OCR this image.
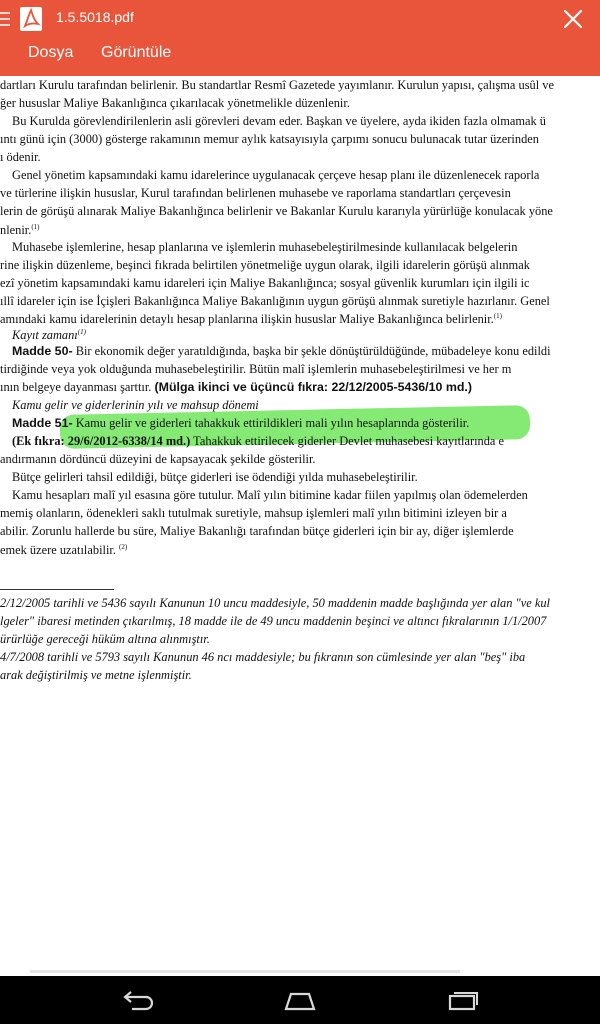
1.5.5018.pdf
Dosya Görüntüle
dartları Kurulu tarafından belirlenir. Bu standartlar Resmî Gazetede yayımlanır. Kurulun yapısı, çalışma usûl ve
ğer hususlar Maliye Bakanlığınca çıkarılacak yönetmelikle düzenlenir.
Bu Kurulda görevlendirilenlerin asli görevleri devam eder. Başkan ve üyelere, ayda ikiden fazla olmamak ü
ıntı günü için (3000) gösterge rakamının memur aylık katsayısıyla çarpımı sonucu bulunacak tutar üzerinden
ı ödenir.
Genel yönetim kapsamındaki kamu idarelerince uygulanacak çerçeve hesap planı ile düzenlenecek raporla
ve türlerine ilişkin hususlar, Kurul tarafından belirlenen muhasebe ve raporlama standartları çerçevesin
lerin de görüşü alınarak Maliye Bakanlığınca belirlenir ve Bakanlar Kurulu kararıyla yürürlüğe konulacak yöne
nlenir.$^{(1)}$
Muhasebe işlemlerine, hesap planlarına ve işlemlerin muhasebeleştirilmesinde kullanılacak belgelerin
rine ilişkin düzenleme, beşinci fıkrada belirtilen yönetmeliğe uygun olarak, ilgili idarelerin görüşü alınmak
ezî yönetim kapsamındaki kamu idareleri için Maliye Bakanlığınca; sosyal güvenlik kurumları için ilgili ic
ıllî idareler için ise İçişleri Bakanlığınca Maliye Bakanlığının uygun görüşü alınmak suretiyle hazırlanır. Genel
amındaki kamu idarelerinin detaylı hesap planlarına ilişkin hususlar Maliye Bakanlığınca belirlenir.$^{(1)}$
Kayıt zamanı$^{(1)}$
Madde 50- Bir ekonomik değer yaratıldığında, başka bir şekle dönüştürüldüğünde, mübadeleye konu edildi
tirdiğinde veya yok olduğunda muhasebeleştirilir. Bütün malî işlemlerin muhasebeleştirilmesi ve her m
ının belgeye dayanması şarttır. (Mülga ikinci ve üçüncü fıkra: 22/12/2005-5436/10 md.)
Kamu gelir ve giderlerinin yılı ve mahsup dönemi
Madde 51- Kamu gelir ve giderleri tahakkuk ettirildikleri mali yılın hesaplarında gösterilir.
(Ek fıkra: 29/6/2012-6338/14 md.) Tahakkuk ettirilecek giderler Devlet muhasebesi kayıtlarında e
andırmanın dördüncü düzeyini de kapsayacak şekilde gösterilir.
Bütçe gelirleri tahsil edildiği, bütçe giderleri ise ödendiği yılda muhasebeleştirilir.
Kamu hesapları malî yıl esasına göre tutulur. Malî yılın bitimine kadar fiilen yapılmış olan ödemelerden
memiş olanların, ödenekleri saklı tutulmak suretiyle, mahsup işlemleri malî yılın bitimini izleyen bir a
abilir. Zorunlu hallerde bu süre, Maliye Bakanlığı tarafından bütçe giderleri için bir ay, diğer işlemlerde
emek üzere uzatılabilir. $^{(2)}$
2/12/2005 tarihli ve 5436 sayılı Kanunun 10 uncu maddesiyle, 50 maddenin madde başlığında yer alan "ve kul
lgeler" ibaresi metinden çıkarılmış, 18 madde ile de 49 uncu maddenin beşinci ve altıncı fıkralarının 1/1/2007
ürürlüğe gereceği hüküm altına alınmıştır.
4/7/2008 tarihli ve 5793 sayılı Kanunun 46 ncı maddesiyle; bu fıkranın son cümlesinde yer alan "beş" iba
arak değiştirilmiş ve metne işlenmiştir.
